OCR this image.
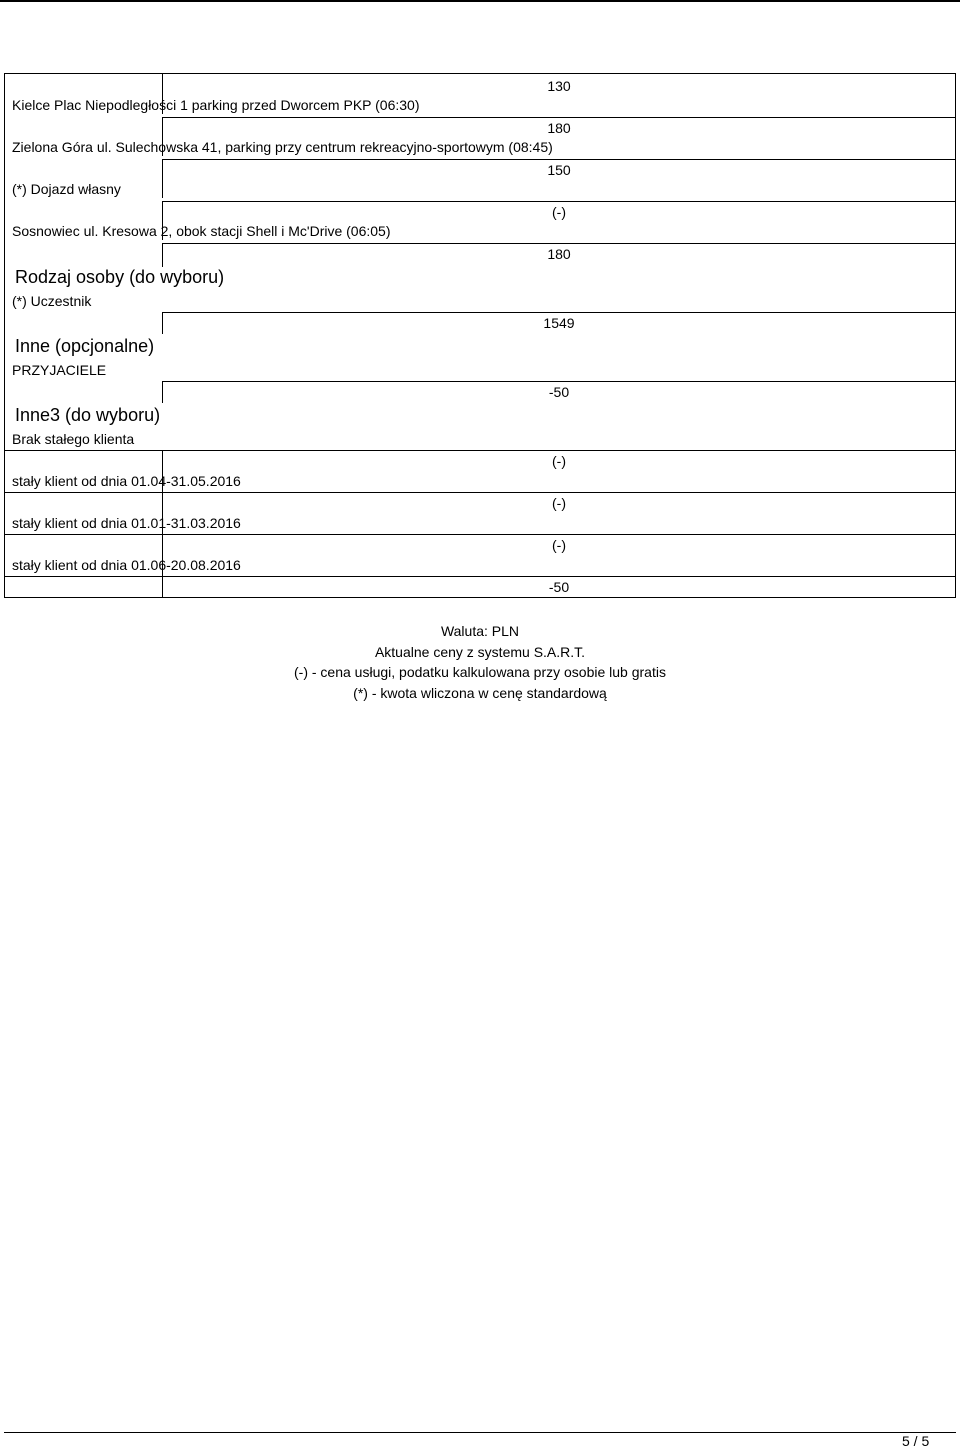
130
Kielce Plac Niepodległości 1 parking przed Dworcem PKP (06:30)
180
Zielona Góra ul. Sulechowska 41, parking przy centrum rekreacyjno-sportowym (08:45)
150
(*) Dojazd własny
(-)
Sosnowiec ul. Kresowa 2, obok stacji Shell i Mc'Drive (06:05)
180
Rodzaj osoby (do wyboru)
(*) Uczestnik
1549
Inne (opcjonalne)
PRZYJACIELE
-50
Inne3 (do wyboru)
Brak stałego klienta
(-)
stały klient od dnia 01.04-31.05.2016
(-)
stały klient od dnia 01.01-31.03.2016
(-)
stały klient od dnia 01.06-20.08.2016
-50
Waluta: PLN
Aktualne ceny z systemu S.A.R.T.
(-) - cena usługi, podatku kalkulowana przy osobie lub gratis
(*) - kwota wliczona w cenę standardową
5 / 5
